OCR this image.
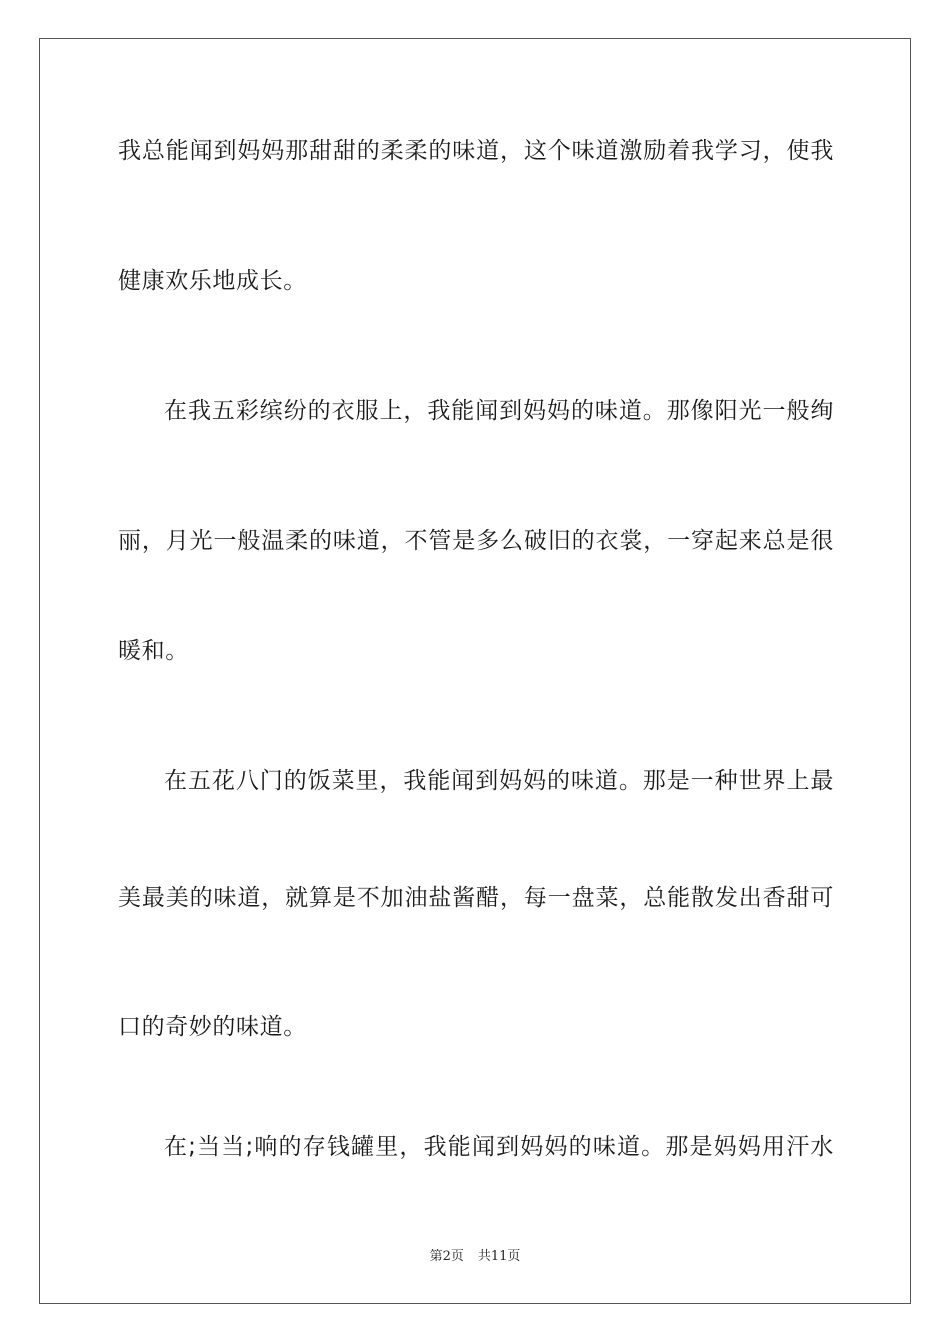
我总能闻到妈妈那甜甜的柔柔的味道，这个味道激励着我学习，使我
健康欢乐地成长。
在我五彩缤纷的衣服上，我能闻到妈妈的味道。那像阳光一般绚
丽，月光一般温柔的味道，不管是多么破旧的衣裳，一穿起来总是很
暖和。
在五花八门的饭菜里，我能闻到妈妈的味道。那是一种世界上最
美最美的味道，就算是不加油盐酱醋，每一盘菜，总能散发出香甜可
口的奇妙的味道。
在;当当;响的存钱罐里，我能闻到妈妈的味道。那是妈妈用汗水
第2页 共11页
